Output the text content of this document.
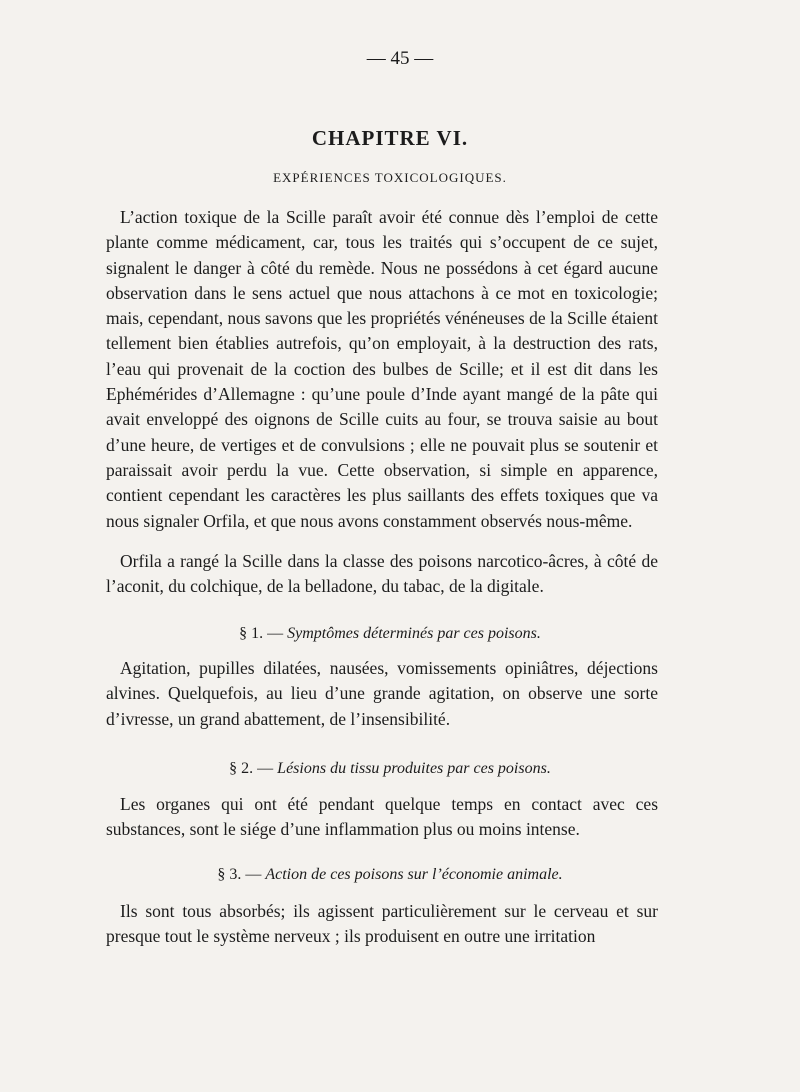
— 45 —
CHAPITRE VI.
EXPÉRIENCES TOXICOLOGIQUES.

L’action toxique de la Scille paraît avoir été connue dès l’emploi de cette plante comme médicament, car, tous les traités qui s’occupent de ce sujet, signalent le danger à côté du remède. Nous ne possédons à cet égard aucune observation dans le sens actuel que nous attachons à ce mot en toxicologie; mais, cependant, nous savons que les propriétés vénéneuses de la Scille étaient tellement bien établies autrefois, qu’on employait, à la destruction des rats, l’eau qui provenait de la coction des bulbes de Scille; et il est dit dans les Ephémérides d’Allemagne : qu’une poule d’Inde ayant mangé de la pâte qui avait enveloppé des oignons de Scille cuits au four, se trouva saisie au bout d’une heure, de vertiges et de convulsions ; elle ne pouvait plus se soutenir et paraissait avoir perdu la vue. Cette observation, si simple en apparence, contient cependant les caractères les plus saillants des effets toxiques que va nous signaler Orfila, et que nous avons constamment observés nous-même.

Orfila a rangé la Scille dans la classe des poisons narcotico-âcres, à côté de l’aconit, du colchique, de la belladone, du tabac, de la digitale.

§ 1. — Symptômes déterminés par ces poisons.

Agitation, pupilles dilatées, nausées, vomissements opiniâtres, déjections alvines. Quelquefois, au lieu d’une grande agitation, on observe une sorte d’ivresse, un grand abattement, de l’insensibilité.

§ 2. — Lésions du tissu produites par ces poisons.

Les organes qui ont été pendant quelque temps en contact avec ces substances, sont le siége d’une inflammation plus ou moins intense.

§ 3. — Action de ces poisons sur l’économie animale.

Ils sont tous absorbés; ils agissent particulièrement sur le cerveau et sur presque tout le système nerveux ; ils produisent en outre une irritation
